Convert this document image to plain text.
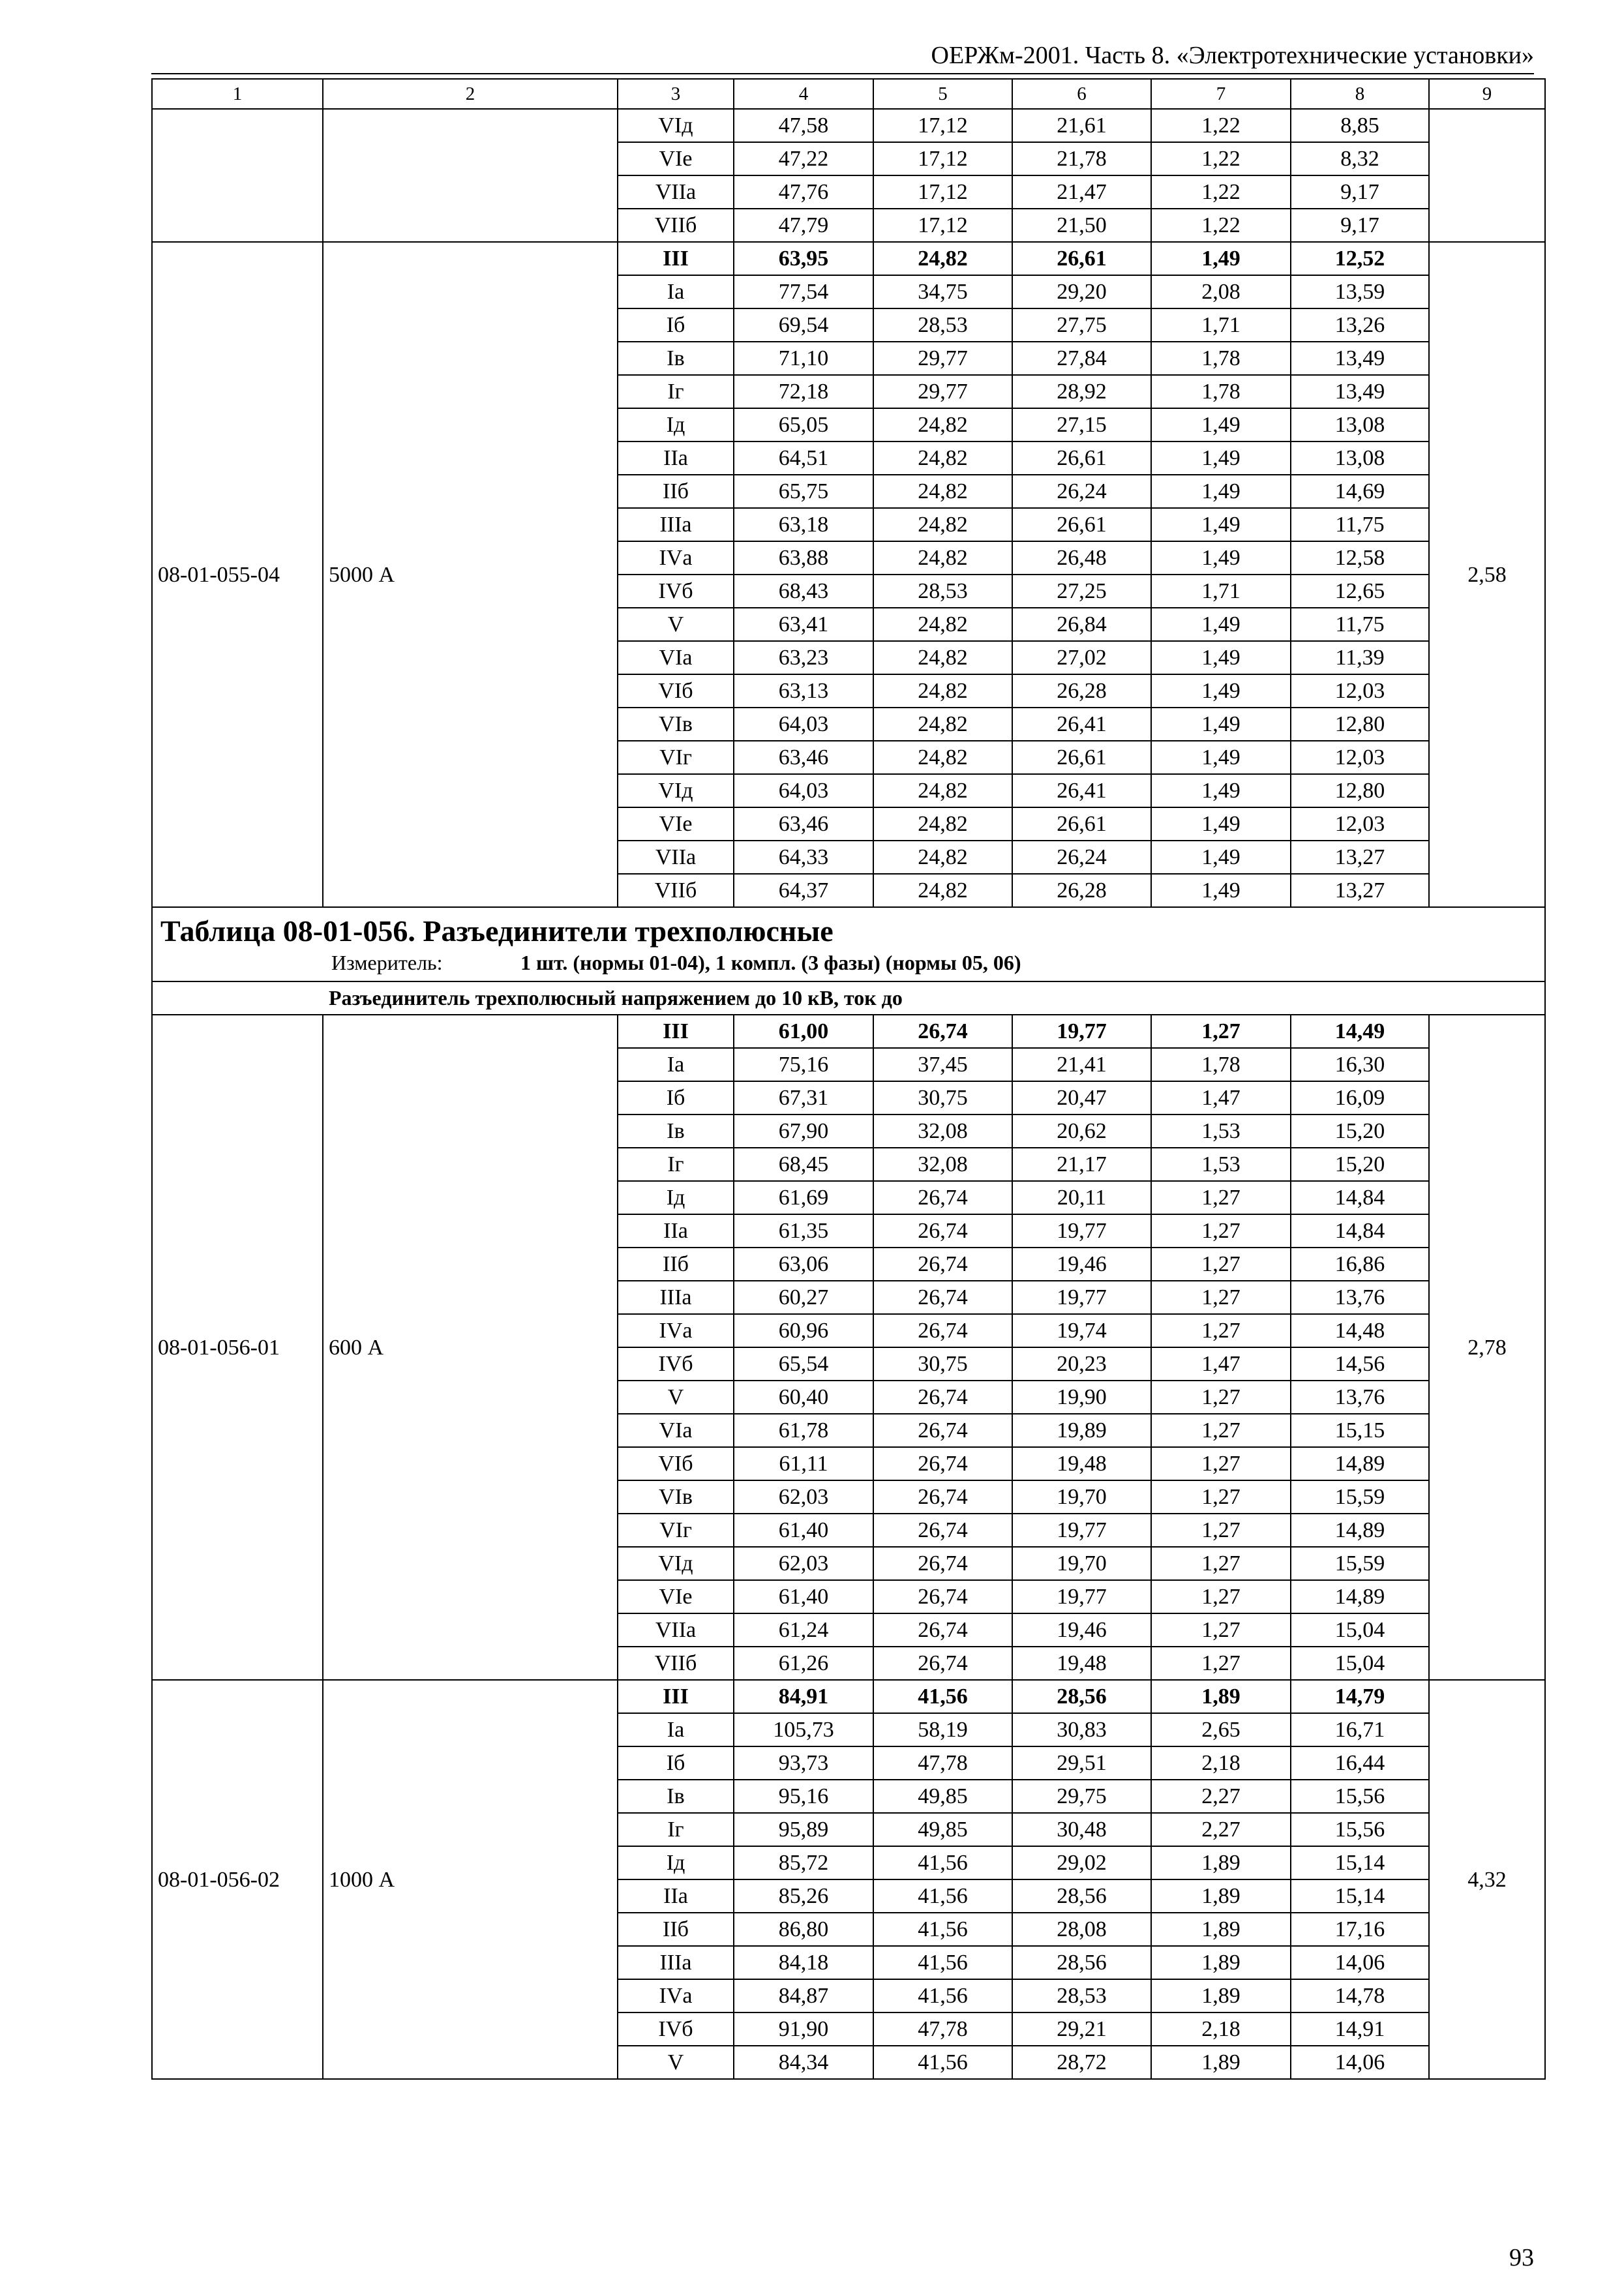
ОЕРЖм-2001. Часть 8. «Электротехнические установки»
1	2	3	4	5	6	7	8	9
		VIд	47,58	17,12	21,61	1,22	8,85	
		VIе	47,22	17,12	21,78	1,22	8,32	
		VIIа	47,76	17,12	21,47	1,22	9,17	
		VIIб	47,79	17,12	21,50	1,22	9,17	
08-01-055-04	5000 А	III	63,95	24,82	26,61	1,49	12,52	2,58
		Iа	77,54	34,75	29,20	2,08	13,59	
		Iб	69,54	28,53	27,75	1,71	13,26	
		Iв	71,10	29,77	27,84	1,78	13,49	
		Iг	72,18	29,77	28,92	1,78	13,49	
		Iд	65,05	24,82	27,15	1,49	13,08	
		IIа	64,51	24,82	26,61	1,49	13,08	
		IIб	65,75	24,82	26,24	1,49	14,69	
		IIIа	63,18	24,82	26,61	1,49	11,75	
		IVа	63,88	24,82	26,48	1,49	12,58	
		IVб	68,43	28,53	27,25	1,71	12,65	
		V	63,41	24,82	26,84	1,49	11,75	
		VIа	63,23	24,82	27,02	1,49	11,39	
		VIб	63,13	24,82	26,28	1,49	12,03	
		VIв	64,03	24,82	26,41	1,49	12,80	
		VIг	63,46	24,82	26,61	1,49	12,03	
		VIд	64,03	24,82	26,41	1,49	12,80	
		VIе	63,46	24,82	26,61	1,49	12,03	
		VIIа	64,33	24,82	26,24	1,49	13,27	
		VIIб	64,37	24,82	26,28	1,49	13,27	

Таблица 08-01-056. Разъединители трехполюсные
Измеритель: 1 шт. (нормы 01-04), 1 компл. (3 фазы) (нормы 05, 06)								

Разъединитель трехполюсный напряжением до 10 кВ, ток до								
08-01-056-01	600 А	III	61,00	26,74	19,77	1,27	14,49	2,78
		Iа	75,16	37,45	21,41	1,78	16,30	
		Iб	67,31	30,75	20,47	1,47	16,09	
		Iв	67,90	32,08	20,62	1,53	15,20	
		Iг	68,45	32,08	21,17	1,53	15,20	
		Iд	61,69	26,74	20,11	1,27	14,84	
		IIа	61,35	26,74	19,77	1,27	14,84	
		IIб	63,06	26,74	19,46	1,27	16,86	
		IIIа	60,27	26,74	19,77	1,27	13,76	
		IVа	60,96	26,74	19,74	1,27	14,48	
		IVб	65,54	30,75	20,23	1,47	14,56	
		V	60,40	26,74	19,90	1,27	13,76	
		VIа	61,78	26,74	19,89	1,27	15,15	
		VIб	61,11	26,74	19,48	1,27	14,89	
		VIв	62,03	26,74	19,70	1,27	15,59	
		VIг	61,40	26,74	19,77	1,27	14,89	
		VIд	62,03	26,74	19,70	1,27	15,59	
		VIе	61,40	26,74	19,77	1,27	14,89	
		VIIа	61,24	26,74	19,46	1,27	15,04	
		VIIб	61,26	26,74	19,48	1,27	15,04	
08-01-056-02	1000 А	III	84,91	41,56	28,56	1,89	14,79	4,32
		Iа	105,73	58,19	30,83	2,65	16,71	
		Iб	93,73	47,78	29,51	2,18	16,44	
		Iв	95,16	49,85	29,75	2,27	15,56	
		Iг	95,89	49,85	30,48	2,27	15,56	
		Iд	85,72	41,56	29,02	1,89	15,14	
		IIа	85,26	41,56	28,56	1,89	15,14	
		IIб	86,80	41,56	28,08	1,89	17,16	
		IIIа	84,18	41,56	28,56	1,89	14,06	
		IVа	84,87	41,56	28,53	1,89	14,78	
		IVб	91,90	47,78	29,21	2,18	14,91	
		V	84,34	41,56	28,72	1,89	14,06	
93
